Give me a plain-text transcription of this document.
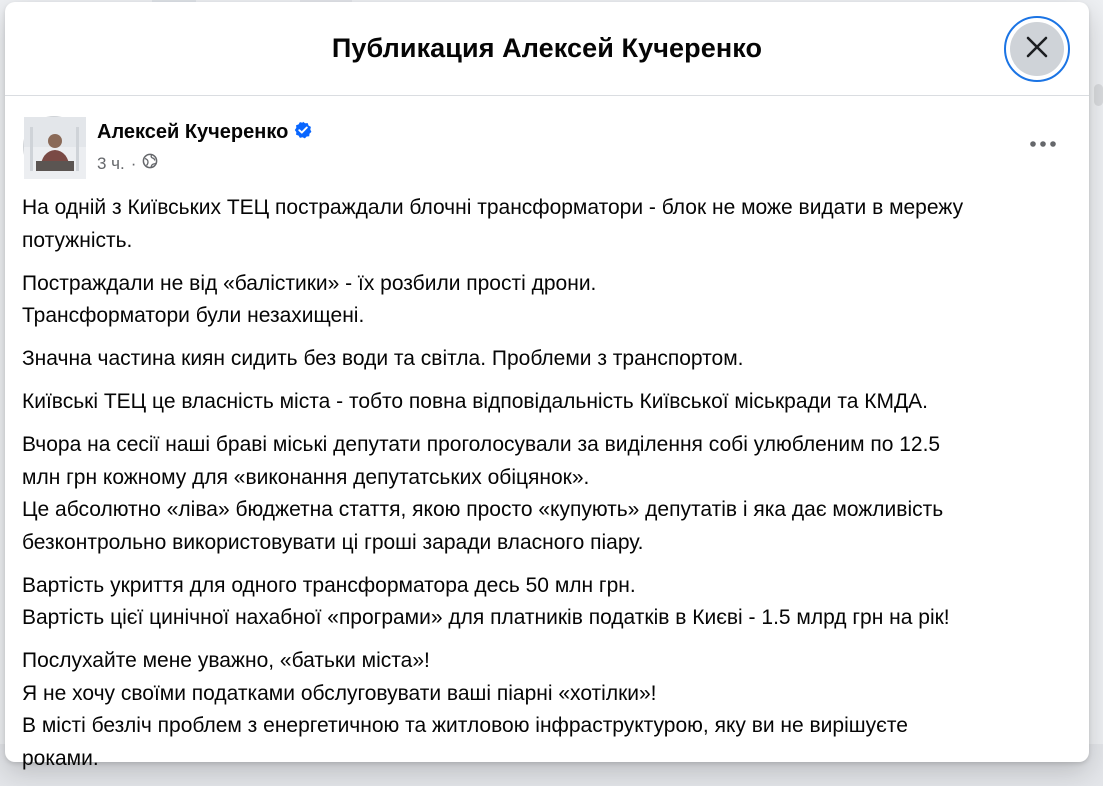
Публикация Алексей Кучеренко
Алексей Кучеренко
3 ч. ·

На одній з Київських ТЕЦ постраждали блочні трансформатори - блок не може видати в мережу
потужність.

Постраждали не від «балістики» - їх розбили прості дрони.
Трансформатори були незахищені.

Значна частина киян сидить без води та світла. Проблеми з транспортом.

Київські ТЕЦ це власність міста - тобто повна відповідальність Київської міськради та КМДА.

Вчора на сесії наші браві міські депутати проголосували за виділення собі улюбленим по 12.5
млн грн кожному для «виконання депутатських обіцянок».
Це абсолютно «ліва» бюджетна стаття, якою просто «купують» депутатів і яка дає можливість
безконтрольно використовувати ці гроші заради власного піару.

Вартість укриття для одного трансформатора десь 50 млн грн.
Вартість цієї цинічної нахабної «програми» для платників податків в Києві - 1.5 млрд грн на рік!

Послухайте мене уважно, «батьки міста»!
Я не хочу своїми податками обслуговувати ваші піарні «хотілки»!
В місті безліч проблем з енергетичною та житловою інфраструктурою, яку ви не вирішуєте
роками.
